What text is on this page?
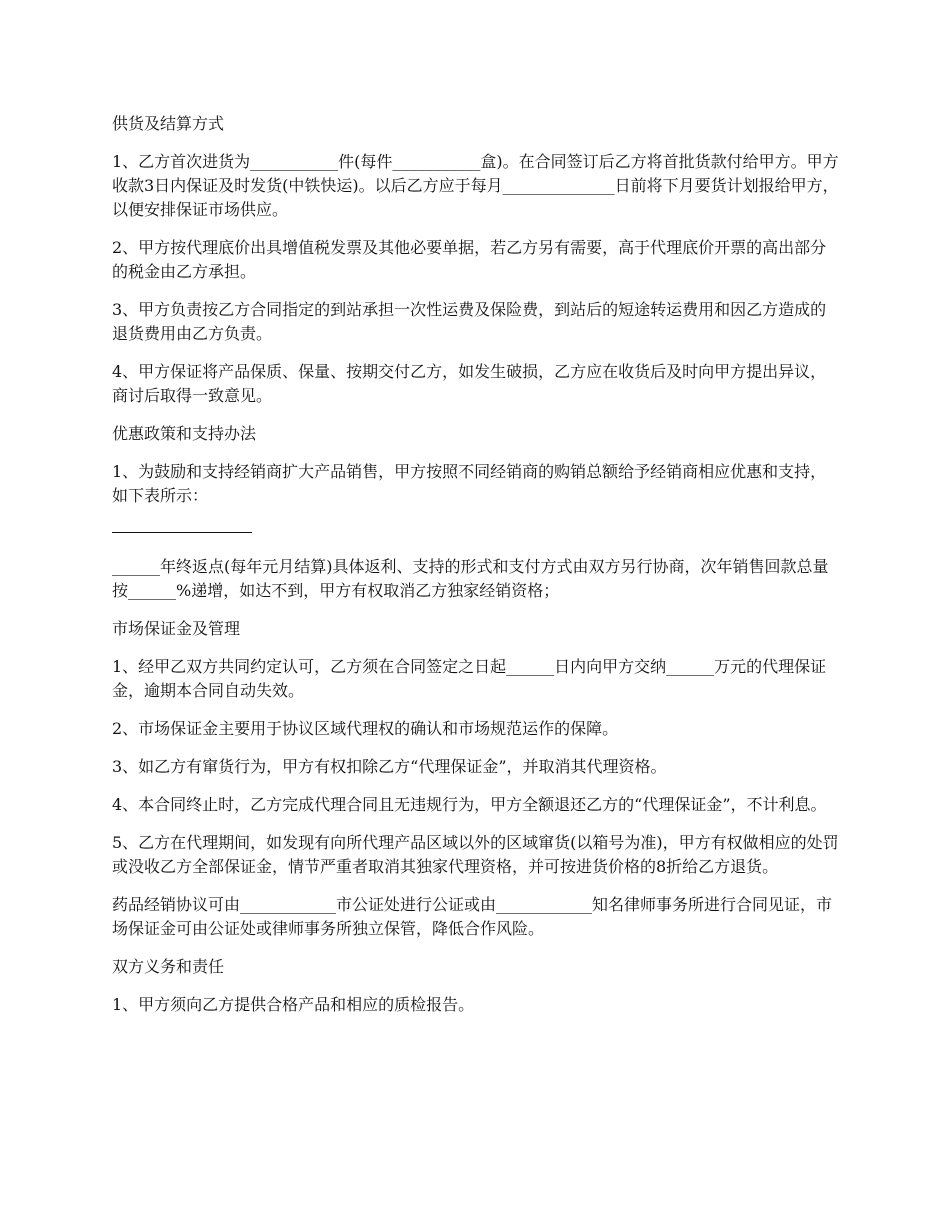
供货及结算方式
1、乙方首次进货为___________件(每件___________盒)。在合同签订后乙方将首批货款付给甲方。甲方收款3日内保证及时发货(中铁快运)。以后乙方应于每月______________日前将下月要货计划报给甲方，以便安排保证市场供应。
2、甲方按代理底价出具增值税发票及其他必要单据，若乙方另有需要，高于代理底价开票的高出部分的税金由乙方承担。
3、甲方负责按乙方合同指定的到站承担一次性运费及保险费，到站后的短途转运费用和因乙方造成的退货费用由乙方负责。
4、甲方保证将产品保质、保量、按期交付乙方，如发生破损，乙方应在收货后及时向甲方提出异议，商讨后取得一致意见。
优惠政策和支持办法
1、为鼓励和支持经销商扩大产品销售，甲方按照不同经销商的购销总额给予经销商相应优惠和支持，如下表所示：
______年终返点(每年元月结算)具体返利、支持的形式和支付方式由双方另行协商，次年销售回款总量按______%递增，如达不到，甲方有权取消乙方独家经销资格；
市场保证金及管理
1、经甲乙双方共同约定认可，乙方须在合同签定之日起______日内向甲方交纳______万元的代理保证金，逾期本合同自动失效。
2、市场保证金主要用于协议区域代理权的确认和市场规范运作的保障。
3、如乙方有窜货行为，甲方有权扣除乙方“代理保证金”，并取消其代理资格。
4、本合同终止时，乙方完成代理合同且无违规行为，甲方全额退还乙方的“代理保证金”，不计利息。
5、乙方在代理期间，如发现有向所代理产品区域以外的区域窜货(以箱号为准)，甲方有权做相应的处罚或没收乙方全部保证金，情节严重者取消其独家代理资格，并可按进货价格的8折给乙方退货。
药品经销协议可由____________市公证处进行公证或由____________知名律师事务所进行合同见证，市场保证金可由公证处或律师事务所独立保管，降低合作风险。
双方义务和责任
1、甲方须向乙方提供合格产品和相应的质检报告。
